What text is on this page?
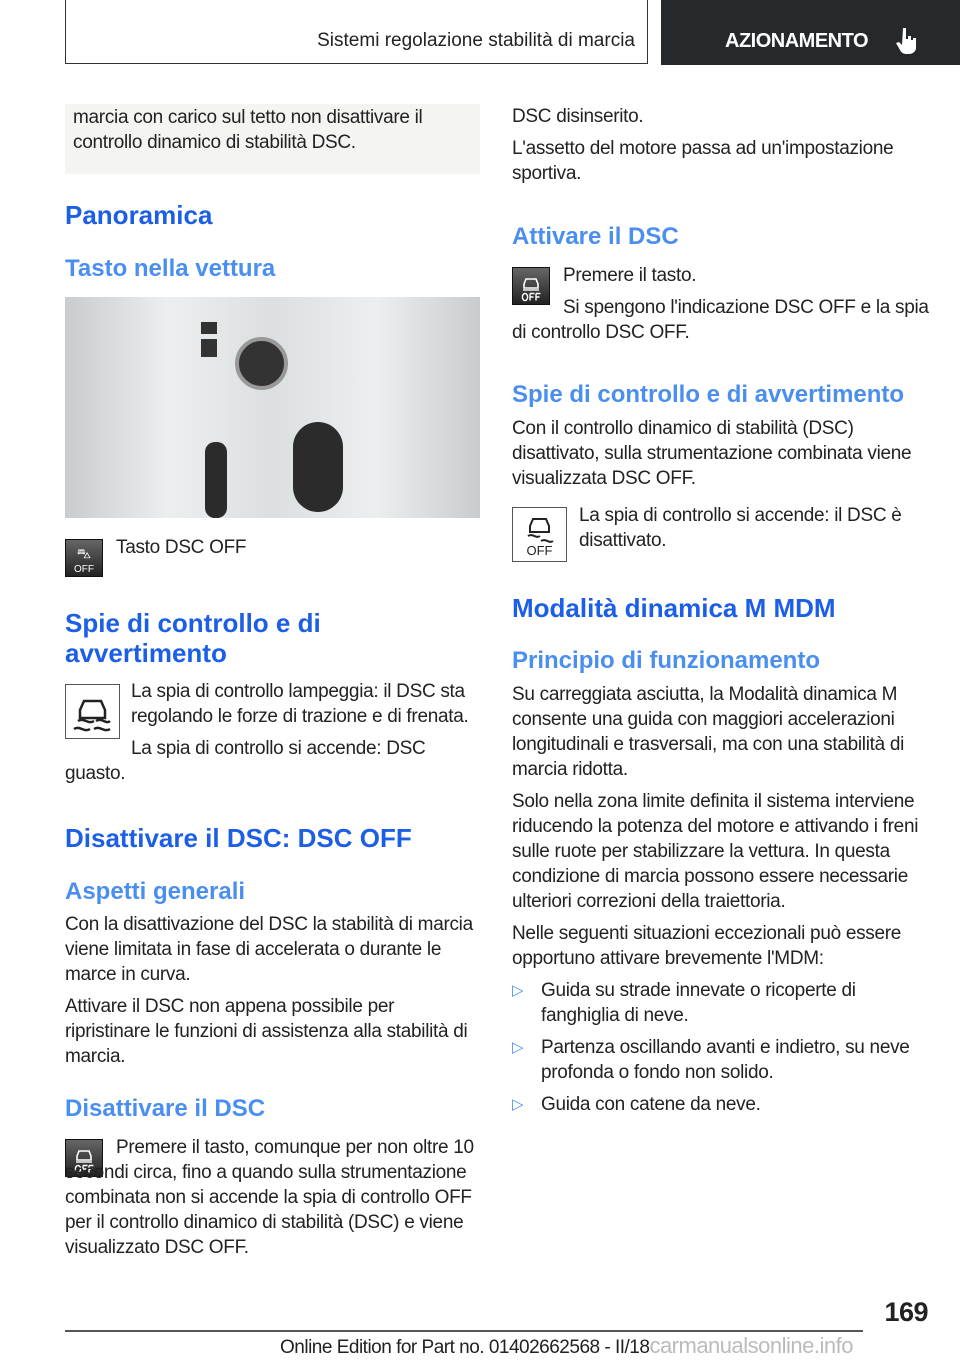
Sistemi regolazione stabilità di marcia	AZIONAMENTO

marcia con carico sul tetto non disattivare il controllo dinamico di stabilità DSC.

Panoramica
Tasto nella vettura
⛍
OFF

Tasto DSC OFF

Spie di controllo e di avvertimento

La spia di controllo lampeggia: il DSC sta regolando le forze di trazione e di frenata.

La spia di controllo si accende: DSC guasto.

Disattivare il DSC: DSC OFF
Aspetti generali

Con la disattivazione del DSC la stabilità di marcia viene limitata in fase di accelerata o durante le marce in curva.

Attivare il DSC non appena possibile per ripristinare le funzioni di assistenza alla stabilità di marcia.

Disattivare il DSC

Premere il tasto, comunque per non oltre 10 secondi circa, fino a quando sulla strumentazione combinata non si accende la spia di controllo OFF per il controllo dinamico di stabilità (DSC) e viene visualizzato DSC OFF.

DSC disinserito.

L'assetto del motore passa ad un'impostazione sportiva.

Attivare il DSC

Premere il tasto.

Si spengono l'indicazione DSC OFF e la spia di controllo DSC OFF.

Spie di controllo e di avvertimento

Con il controllo dinamico di stabilità (DSC) disattivato, sulla strumentazione combinata viene visualizzata DSC OFF.

OFF

La spia di controllo si accende: il DSC è disattivato.

Modalità dinamica M MDM
Principio di funzionamento

Su carreggiata asciutta, la Modalità dinamica M consente una guida con maggiori accelerazioni longitudinali e trasversali, ma con una stabilità di marcia ridotta.

Solo nella zona limite definita il sistema interviene riducendo la potenza del motore e attivando i freni sulle ruote per stabilizzare la vettura. In questa condizione di marcia possono essere necessarie ulteriori correzioni della traiettoria.

Nelle seguenti situazioni eccezionali può essere opportuno attivare brevemente l'MDM:

▷ Guida su strade innevate o ricoperte di fanghiglia di neve.
▷ Partenza oscillando avanti e indietro, su neve profonda o fondo non solido.
▷ Guida con catene da neve.
169
Online Edition for Part no. 01402662568 - II/18carmanualsonline.info
